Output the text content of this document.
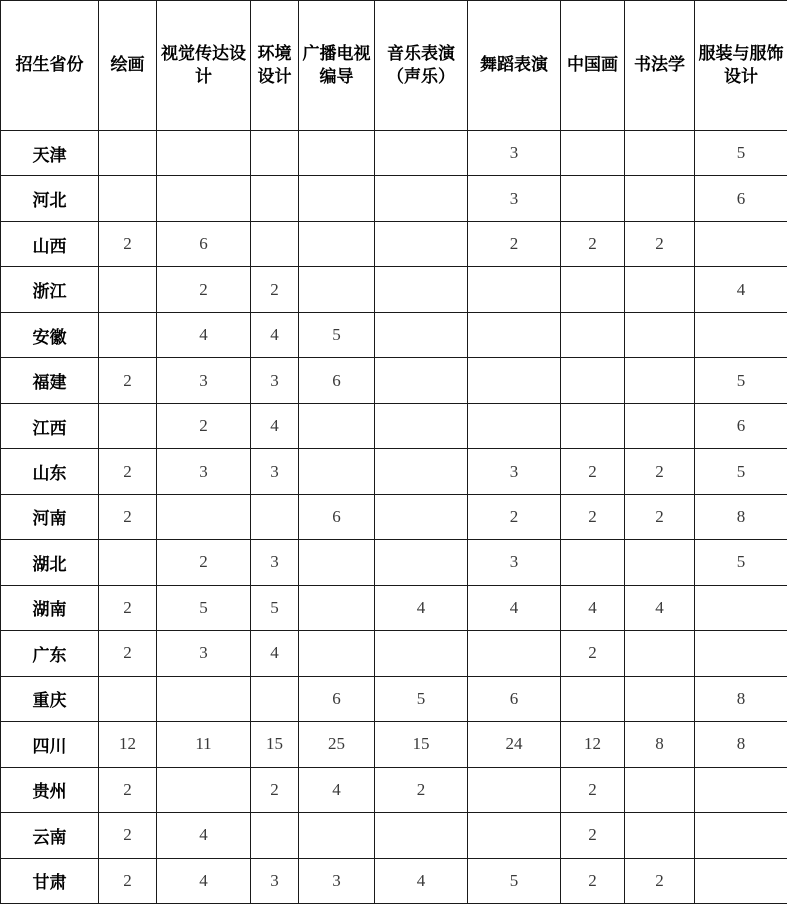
招生省份	绘画	视觉传达设计	环境设计	广播电视编导	音乐表演（声乐）	舞蹈表演	中国画	书法学	服装与服饰设计
天津						3			5
河北						3			6
山西	2	6				2	2	2	
浙江		2	2						4
安徽		4	4	5					
福建	2	3	3	6					5
江西		2	4						6
山东	2	3	3			3	2	2	5
河南	2			6		2	2	2	8
湖北		2	3			3			5
湖南	2	5	5		4	4	4	4	
广东	2	3	4				2		
重庆				6	5	6			8
四川	12	11	15	25	15	24	12	8	8
贵州	2		2	4	2		2		
云南	2	4					2		
甘肃	2	4	3	3	4	5	2	2	
